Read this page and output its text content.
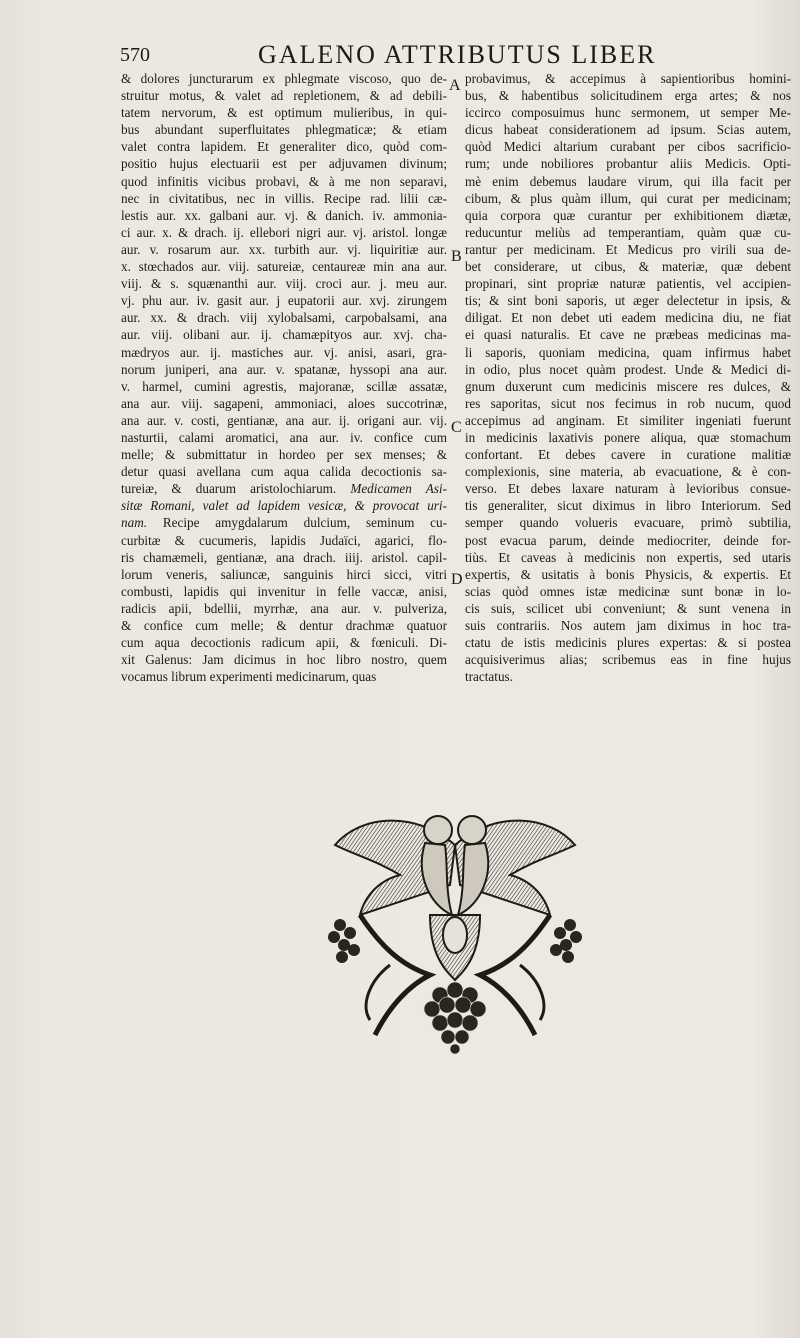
570	GALENO ATTRIBUTUS LIBER
& dolores juncturarum ex phlegmate viscoso, quo de-
struitur motus, & valet ad repletionem, & ad debili-
tatem nervorum, & est optimum mulieribus, in qui-
bus abundant superfluitates phlegmaticæ; & etiam
valet contra lapidem. Et generaliter dico, quòd com-
positio hujus electuarii est per adjuvamen divinum;
quod infinitis vicibus probavi, & à me non separavi,
nec in civitatibus, nec in villis. Recipe rad. lilii cæ-
lestis aur. xx. galbani aur. vj. & danich. iv. ammonia-
ci aur. x. & drach. ij. ellebori nigri aur. vj. aristol. longæ
aur. v. rosarum aur. xx. turbith aur. vj. liquiritiæ aur.
x. stœchados aur. viij. satureiæ, centaureæ min ana aur.
viij. & s. squænanthi aur. viij. croci aur. j. meu aur.
vj. phu aur. iv. gasit aur. j eupatorii aur. xvj. zirungem
aur. xx. & drach. viij xylobalsami, carpobalsami, ana
aur. viij. olibani aur. ij. chamæpityos aur. xvj. cha-
mædryos aur. ij. mastiches aur. vj. anisi, asari, gra-
norum juniperi, ana aur. v. spatanæ, hyssopi ana aur.
v. harmel, cumini agrestis, majoranæ, scillæ assatæ,
ana aur. viij. sagapeni, ammoniaci, aloes succotrinæ,
ana aur. v. costi, gentianæ, ana aur. ij. origani aur. vij.
nasturtii, calami aromatici, ana aur. iv. confice cum
melle; & submittatur in hordeo per sex menses; &
detur quasi avellana cum aqua calida decoctionis sa-
tureiæ, & duarum aristolochiarum. Medicamen Asi-
sitæ Romani, valet ad lapidem vesicæ, & provocat uri-
nam. Recipe amygdalarum dulcium, seminum cu-
curbitæ & cucumeris, lapidis Judaïci, agarici, flo-
ris chamæmeli, gentianæ, ana drach. iiij. aristol. capil-
lorum veneris, saliuncæ, sanguinis hirci sicci, vitri
combusti, lapidis qui invenitur in felle vaccæ, anisi,
radicis apii, bdellii, myrrhæ, ana aur. v. pulveriza,
& confice cum melle; & dentur drachmæ quatuor
cum aqua decoctionis radicum apii, & fœniculi. Di-
xit Galenus: Jam dicimus in hoc libro nostro, quem
vocamus librum experimenti medicinarum, quas
A
B
C
D
probavimus, & accepimus à sapientioribus homini-
bus, & habentibus solicitudinem erga artes; & nos
iccirco composuimus hunc sermonem, ut semper Me-
dicus habeat considerationem ad ipsum. Scias autem,
quòd Medici altarium curabant per cibos sacrificio-
rum; unde nobiliores probantur aliis Medicis. Opti-
mè enim debemus laudare virum, qui illa facit per
cibum, & plus quàm illum, qui curat per medicinam;
quia corpora quæ curantur per exhibitionem diætæ,
reducuntur meliùs ad temperantiam, quàm quæ cu-
rantur per medicinam. Et Medicus pro virili sua de-
bet considerare, ut cibus, & materiæ, quæ debent
propinari, sint propriæ naturæ patientis, vel accipien-
tis; & sint boni saporis, ut æger delectetur in ipsis, &
diligat. Et non debet uti eadem medicina diu, ne fiat
ei quasi naturalis. Et cave ne præbeas medicinas ma-
li saporis, quoniam medicina, quam infirmus habet
in odio, plus nocet quàm prodest. Unde & Medici di-
gnum duxerunt cum medicinis miscere res dulces, &
res saporitas, sicut nos fecimus in rob nucum, quod
accepimus ad anginam. Et similiter ingeniati fuerunt
in medicinis laxativis ponere aliqua, quæ stomachum
confortant. Et debes cavere in curatione malitiæ
complexionis, sine materia, ab evacuatione, & è con-
verso. Et debes laxare naturam à levioribus consue-
tis generaliter, sicut diximus in libro Interiorum. Sed
semper quando volueris evacuare, primò subtilia,
post evacua parum, deinde mediocriter, deinde for-
tiùs. Et caveas à medicinis non expertis, sed utaris
expertis, & usitatis à bonis Physicis, & expertis. Et
scias quòd omnes istæ medicinæ sunt bonæ in lo-
cis suis, scilicet ubi conveniunt; & sunt venena in
suis contrariis. Nos autem jam diximus in hoc tra-
ctatu de istis medicinis plures expertas: & si postea
acquisiverimus alias; scribemus eas in fine hujus
tractatus.
